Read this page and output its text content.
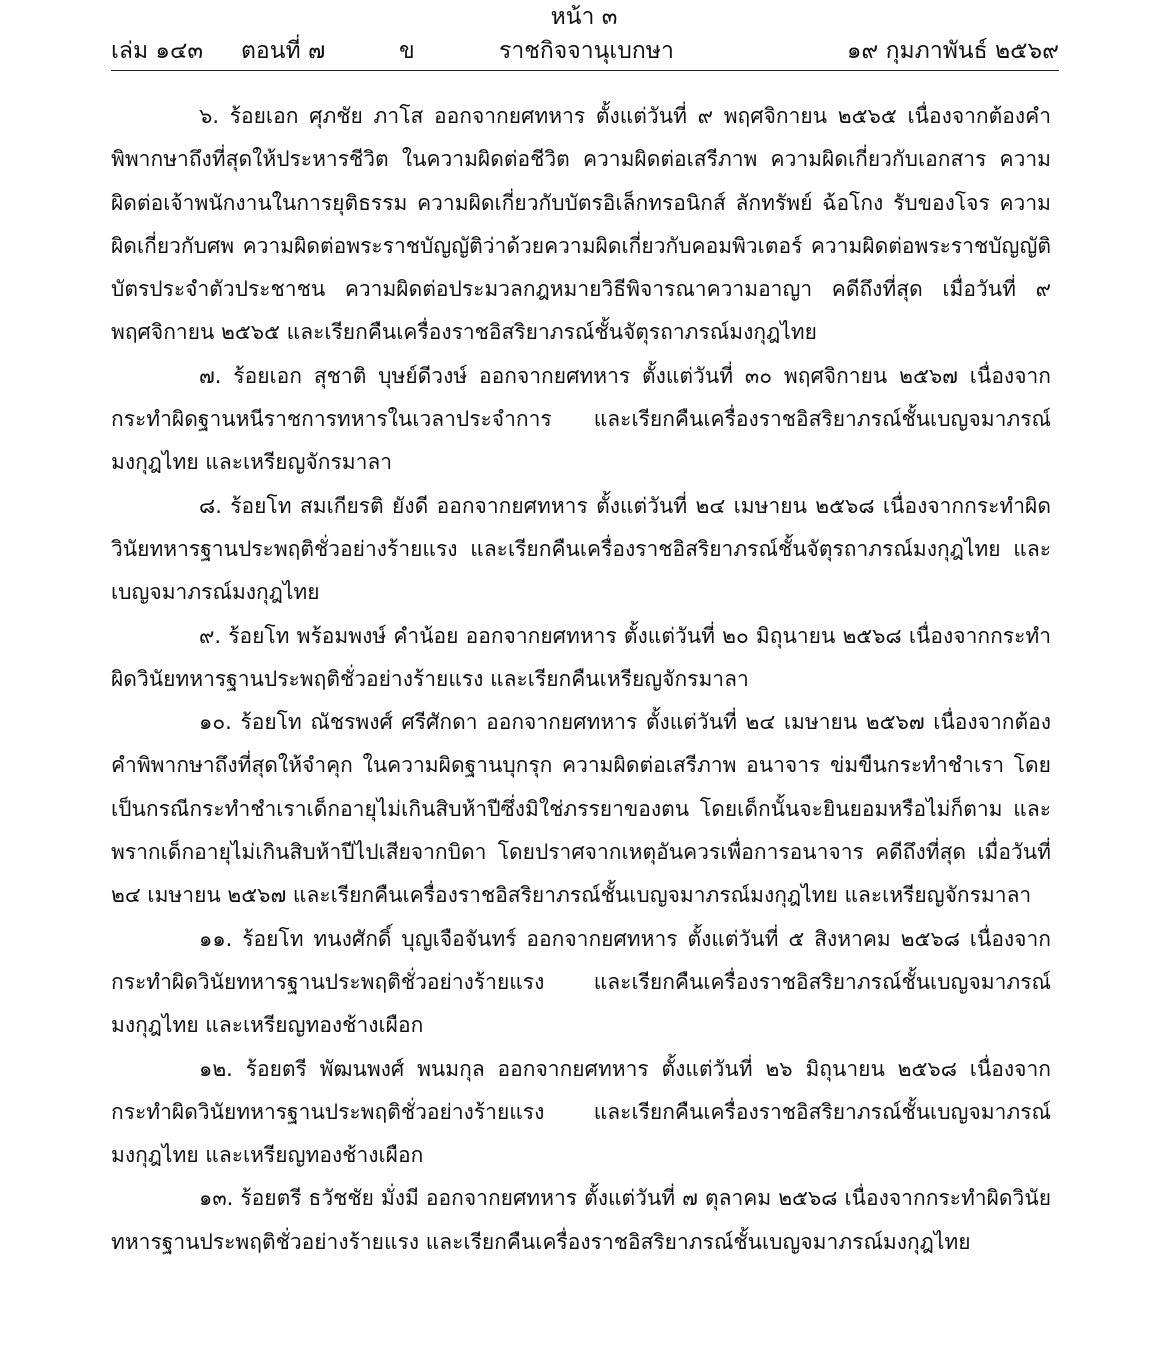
หน้า ๓
เล่ม ๑๔๓ ตอนที่ ๗	ข	ราชกิจจานุเบกษา	๑๙ กุมภาพันธ์ ๒๕๖๙

๖. ร้อยเอก ศุภชัย ภาโส ออกจากยศทหาร ตั้งแต่วันที่ ๙ พฤศจิกายน ๒๕๖๕ เนื่องจากต้องคำพิพากษาถึงที่สุดให้ประหารชีวิต ในความผิดต่อชีวิต ความผิดต่อเสรีภาพ ความผิดเกี่ยวกับเอกสาร ความผิดต่อเจ้าพนักงานในการยุติธรรม ความผิดเกี่ยวกับบัตรอิเล็กทรอนิกส์ ลักทรัพย์ ฉ้อโกง รับของโจร ความผิดเกี่ยวกับศพ ความผิดต่อพระราชบัญญัติว่าด้วยความผิดเกี่ยวกับคอมพิวเตอร์ ความผิดต่อพระราชบัญญัติบัตรประจำตัวประชาชน ความผิดต่อประมวลกฎหมายวิธีพิจารณาความอาญา คดีถึงที่สุด เมื่อวันที่ ๙ พฤศจิกายน ๒๕๖๕ และเรียกคืนเครื่องราชอิสริยาภรณ์ชั้นจัตุรถาภรณ์มงกุฎไทย

๗. ร้อยเอก สุชาติ บุษย์ดีวงษ์ ออกจากยศทหาร ตั้งแต่วันที่ ๓๐ พฤศจิกายน ๒๕๖๗ เนื่องจากกระทำผิดฐานหนีราชการทหารในเวลาประจำการ และเรียกคืนเครื่องราชอิสริยาภรณ์ชั้นเบญจมาภรณ์มงกุฎไทย และเหรียญจักรมาลา

๘. ร้อยโท สมเกียรติ ยังดี ออกจากยศทหาร ตั้งแต่วันที่ ๒๔ เมษายน ๒๕๖๘ เนื่องจากกระทำผิดวินัยทหารฐานประพฤติชั่วอย่างร้ายแรง และเรียกคืนเครื่องราชอิสริยาภรณ์ชั้นจัตุรถาภรณ์มงกุฎไทย และเบญจมาภรณ์มงกุฎไทย

๙. ร้อยโท พร้อมพงษ์ คำน้อย ออกจากยศทหาร ตั้งแต่วันที่ ๒๐ มิถุนายน ๒๕๖๘ เนื่องจากกระทำผิดวินัยทหารฐานประพฤติชั่วอย่างร้ายแรง และเรียกคืนเหรียญจักรมาลา

๑๐. ร้อยโท ณัชรพงศ์ ศรีศักดา ออกจากยศทหาร ตั้งแต่วันที่ ๒๔ เมษายน ๒๕๖๗ เนื่องจากต้องคำพิพากษาถึงที่สุดให้จำคุก ในความผิดฐานบุกรุก ความผิดต่อเสรีภาพ อนาจาร ข่มขืนกระทำชำเรา โดยเป็นกรณีกระทำชำเราเด็กอายุไม่เกินสิบห้าปีซึ่งมิใช่ภรรยาของตน โดยเด็กนั้นจะยินยอมหรือไม่ก็ตาม และพรากเด็กอายุไม่เกินสิบห้าปีไปเสียจากบิดา โดยปราศจากเหตุอันควรเพื่อการอนาจาร คดีถึงที่สุด เมื่อวันที่ ๒๔ เมษายน ๒๕๖๗ และเรียกคืนเครื่องราชอิสริยาภรณ์ชั้นเบญจมาภรณ์มงกุฎไทย และเหรียญจักรมาลา

๑๑. ร้อยโท ทนงศักดิ์ บุญเจือจันทร์ ออกจากยศทหาร ตั้งแต่วันที่ ๕ สิงหาคม ๒๕๖๘ เนื่องจากกระทำผิดวินัยทหารฐานประพฤติชั่วอย่างร้ายแรง และเรียกคืนเครื่องราชอิสริยาภรณ์ชั้นเบญจมาภรณ์มงกุฎไทย และเหรียญทองช้างเผือก

๑๒. ร้อยตรี พัฒนพงศ์ พนมกุล ออกจากยศทหาร ตั้งแต่วันที่ ๒๖ มิถุนายน ๒๕๖๘ เนื่องจากกระทำผิดวินัยทหารฐานประพฤติชั่วอย่างร้ายแรง และเรียกคืนเครื่องราชอิสริยาภรณ์ชั้นเบญจมาภรณ์มงกุฎไทย และเหรียญทองช้างเผือก

๑๓. ร้อยตรี ธวัชชัย มั่งมี ออกจากยศทหาร ตั้งแต่วันที่ ๗ ตุลาคม ๒๕๖๘ เนื่องจากกระทำผิดวินัยทหารฐานประพฤติชั่วอย่างร้ายแรง และเรียกคืนเครื่องราชอิสริยาภรณ์ชั้นเบญจมาภรณ์มงกุฎไทย
